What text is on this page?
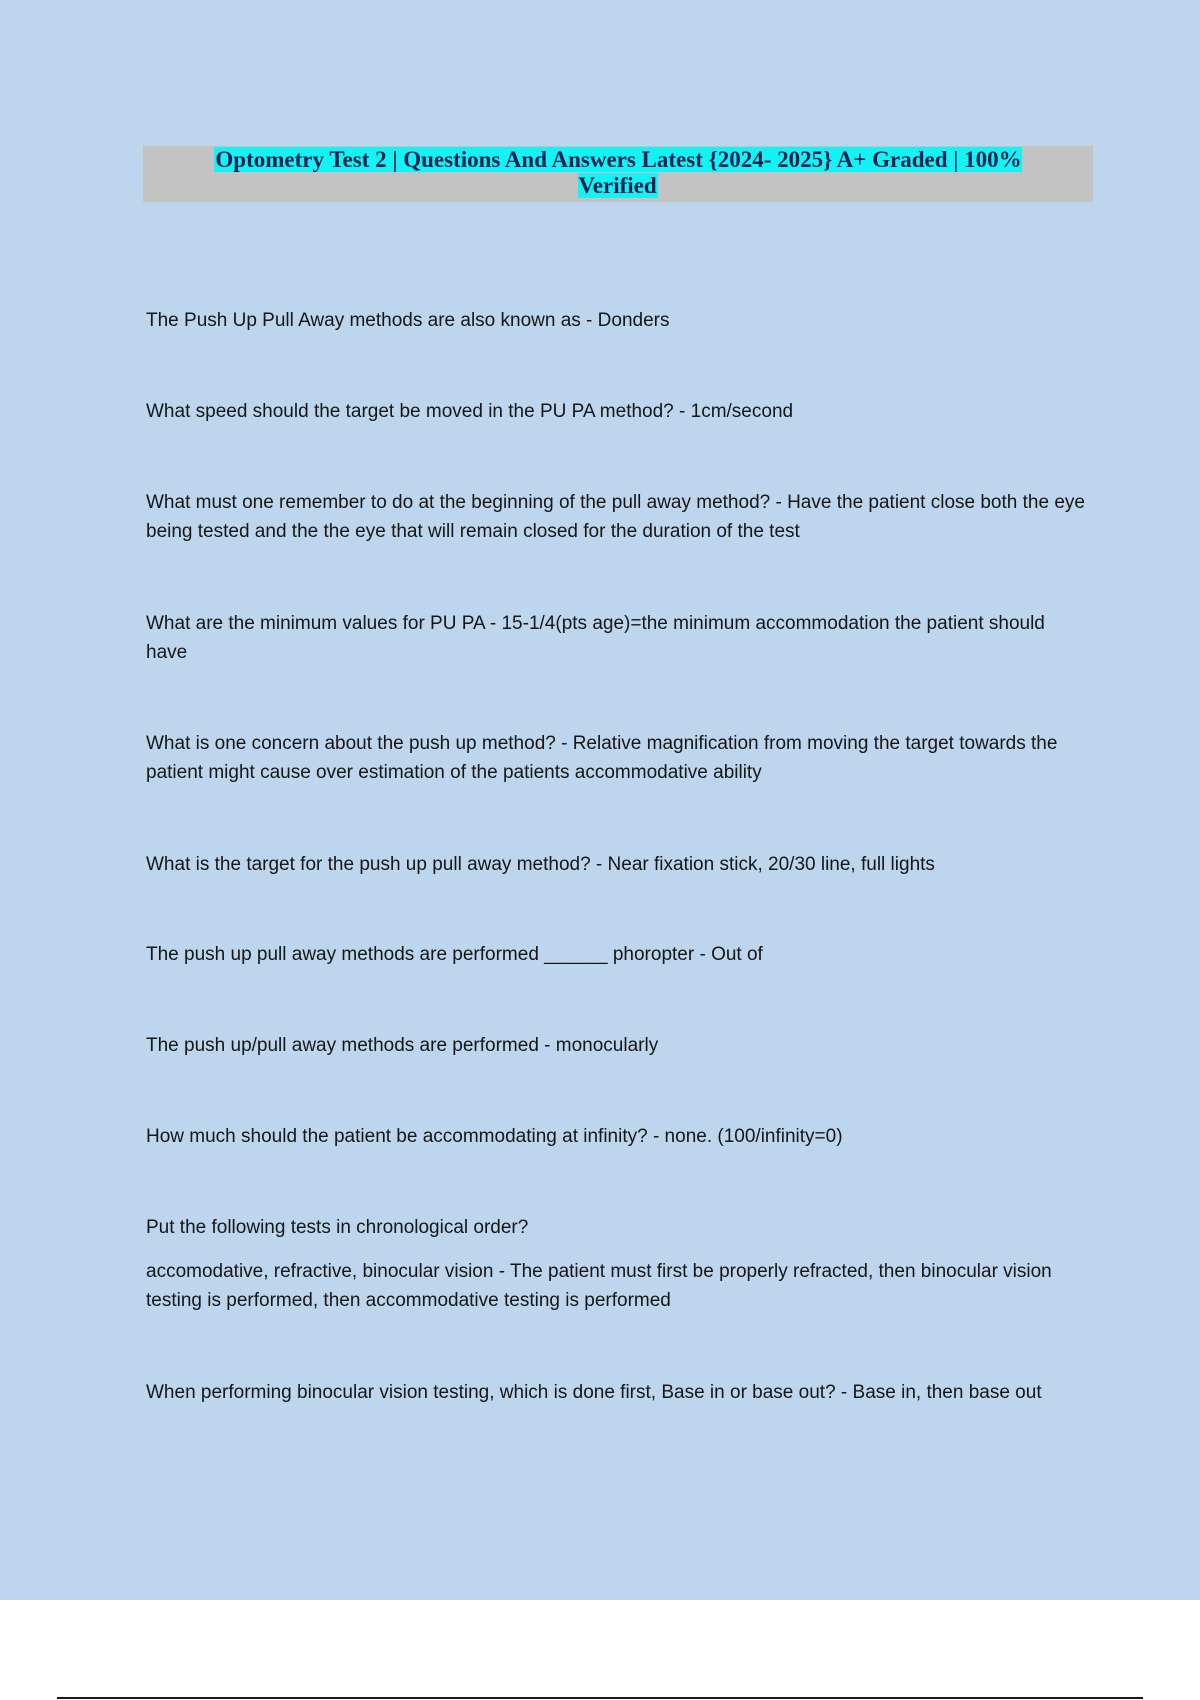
Optometry Test 2 | Questions And Answers Latest {2024- 2025} A+ Graded | 100% Verified

The Push Up Pull Away methods are also known as - Donders

What speed should the target be moved in the PU PA method? - 1cm/second

What must one remember to do at the beginning of the pull away method? - Have the patient close both the eye being tested and the the eye that will remain closed for the duration of the test

What are the minimum values for PU PA - 15-1/4(pts age)=the minimum accommodation the patient should have

What is one concern about the push up method? - Relative magnification from moving the target towards the patient might cause over estimation of the patients accommodative ability

What is the target for the push up pull away method? - Near fixation stick, 20/30 line, full lights

The push up pull away methods are performed ______ phoropter - Out of

The push up/pull away methods are performed - monocularly

How much should the patient be accommodating at infinity? - none. (100/infinity=0)

Put the following tests in chronological order?

accomodative, refractive, binocular vision - The patient must first be properly refracted, then binocular vision testing is performed, then accommodative testing is performed

When performing binocular vision testing, which is done first, Base in or base out? - Base in, then base out
